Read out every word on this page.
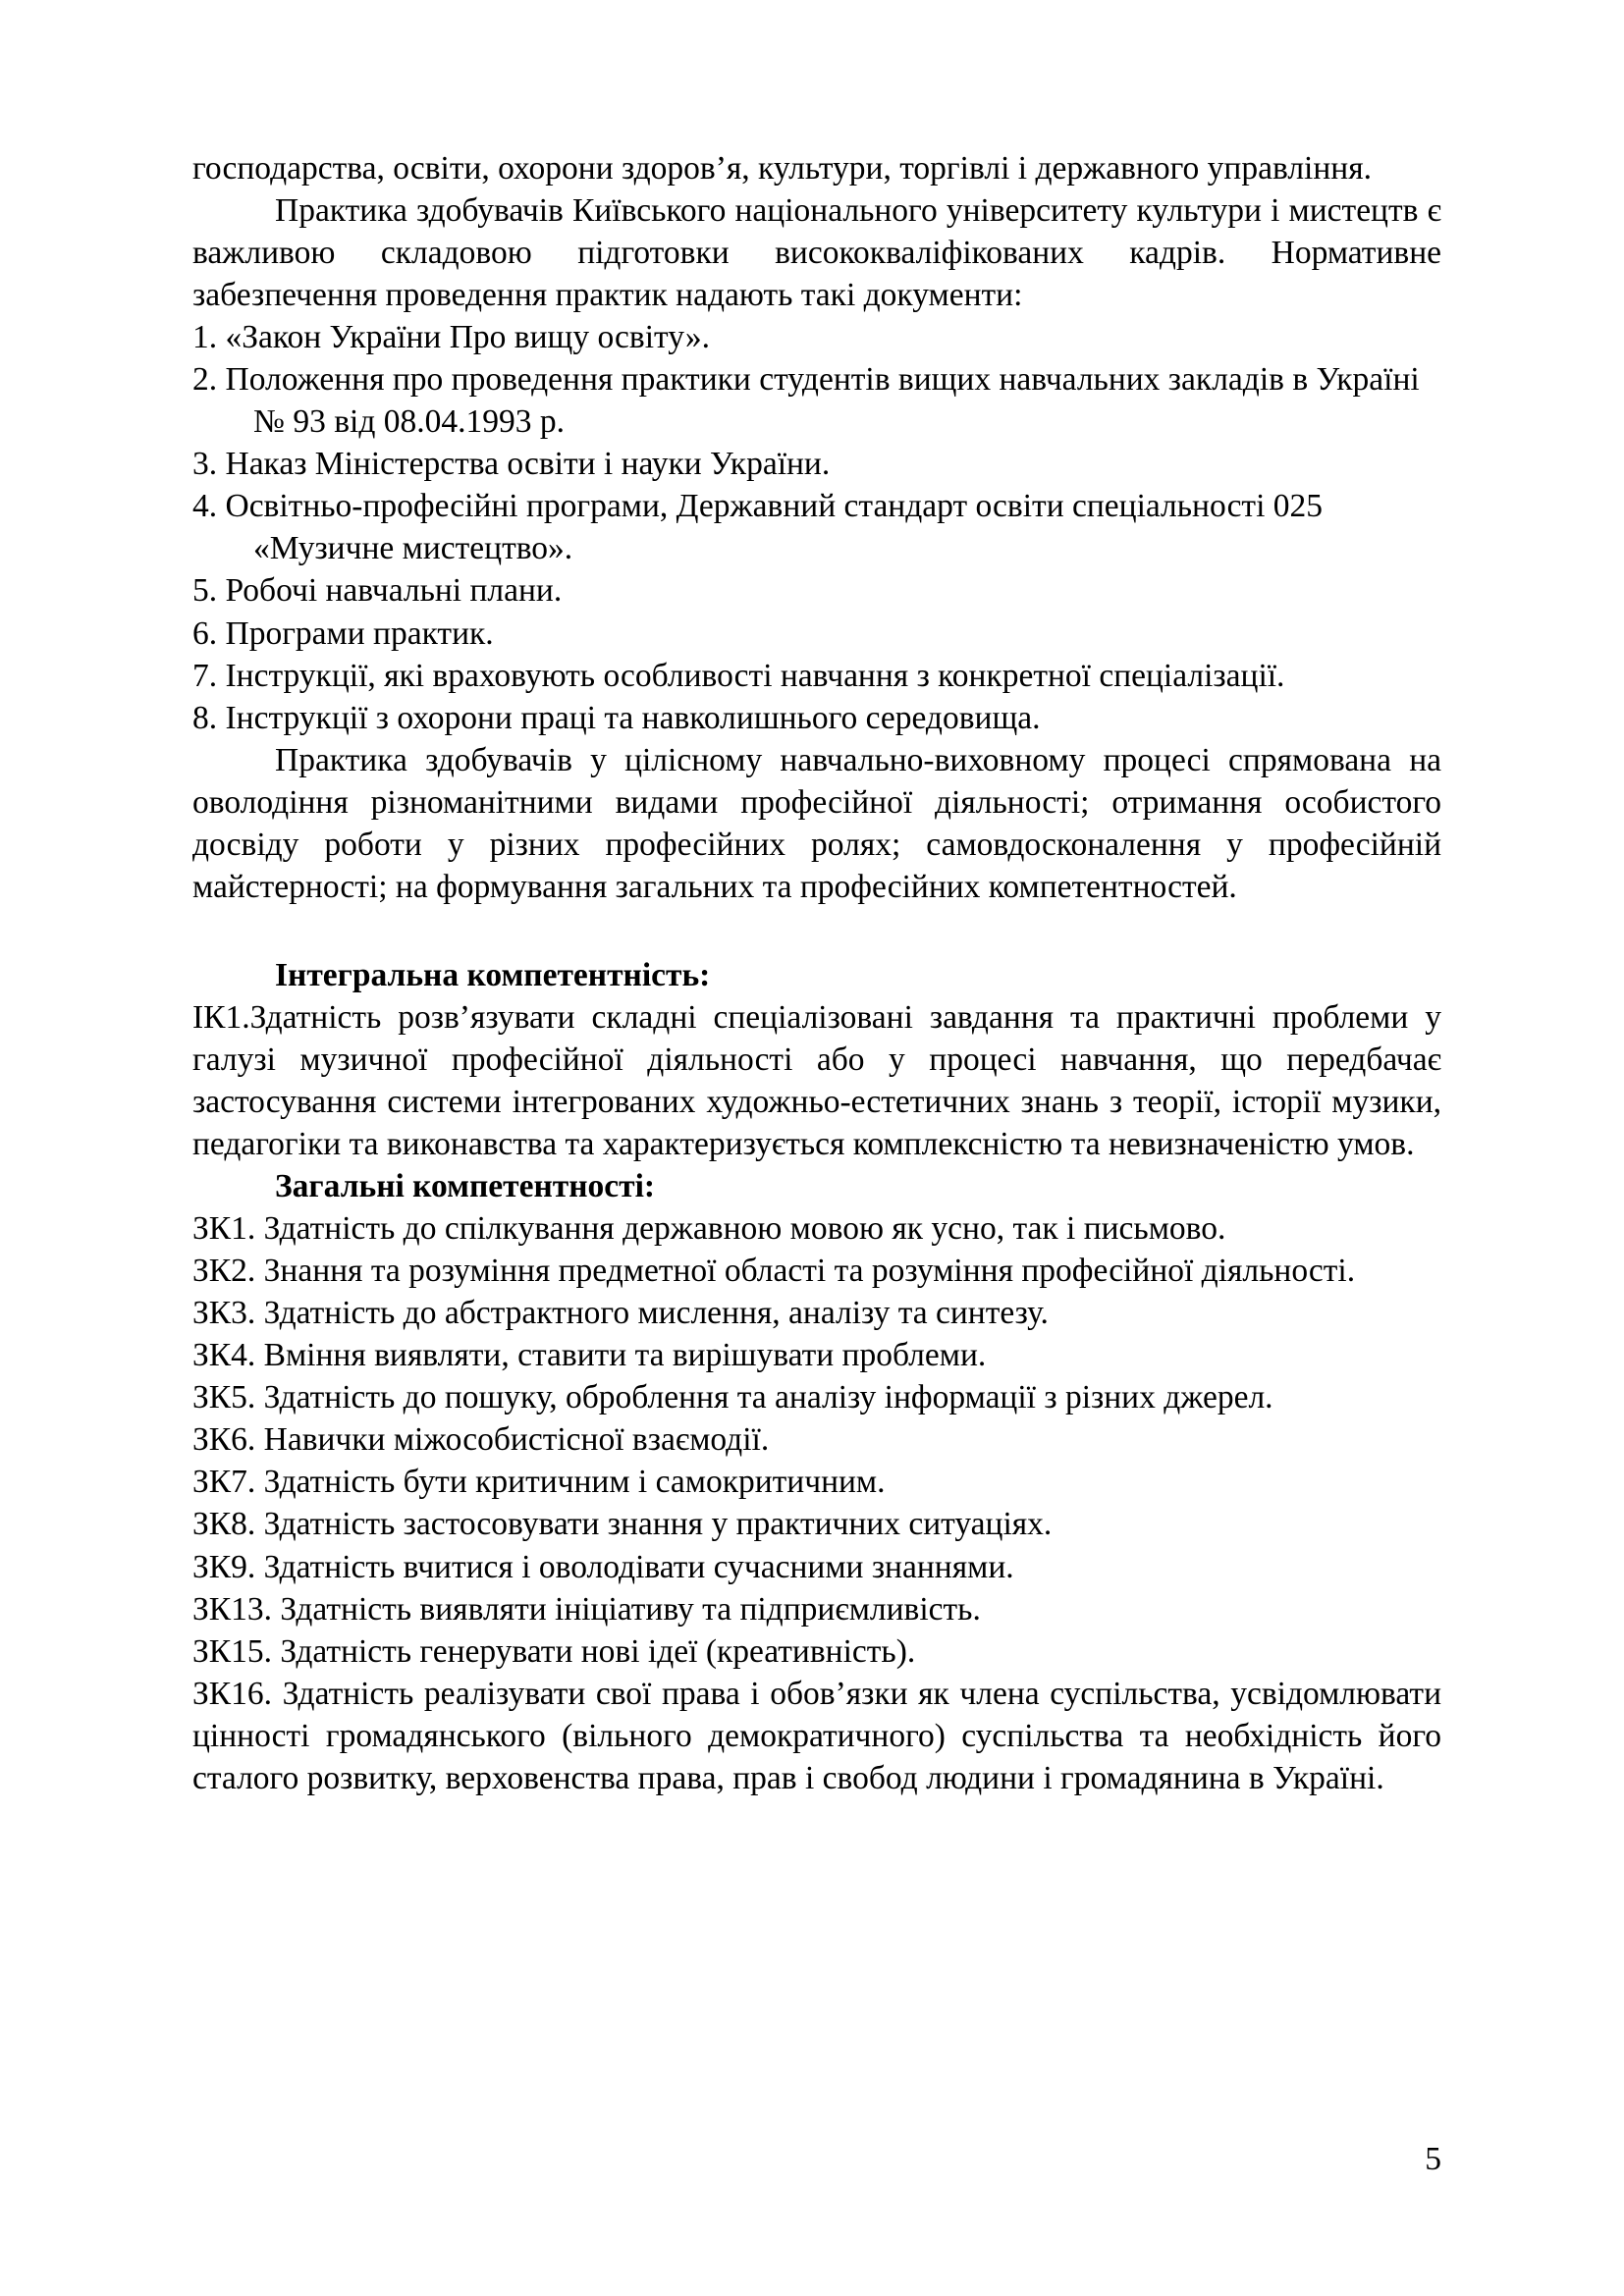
господарства, освіти, охорони здоров’я, культури, торгівлі і державного управління.

Практика здобувачів Київського національного університету культури і мистецтв є важливою складовою підготовки висококваліфікованих кадрів. Нормативне забезпечення проведення практик надають такі документи:

1. «Закон України Про вищу освіту».

2. Положення про проведення практики студентів вищих навчальних закладів в Україні № 93 від 08.04.1993 р.

3. Наказ Міністерства освіти і науки України.

4. Освітньо-професійні програми, Державний стандарт освіти спеціальності 025 «Музичне мистецтво».

5. Робочі навчальні плани.

6. Програми практик.

7. Інструкції, які враховують особливості навчання з конкретної спеціалізації.

8. Інструкції з охорони праці та навколишнього середовища.

Практика здобувачів у цілісному навчально-виховному процесі спрямована на оволодіння різноманітними видами професійної діяльності; отримання особистого досвіду роботи у різних професійних ролях; самовдосконалення у професійній майстерності; на формування загальних та професійних компетентностей.

Інтегральна компетентність:

ІК1.Здатність розв’язувати складні спеціалізовані завдання та практичні проблеми у галузі музичної професійної діяльності або у процесі навчання, що передбачає застосування системи інтегрованих художньо-естетичних знань з теорії, історії музики, педагогіки та виконавства та характеризується комплексністю та невизначеністю умов.

Загальні компетентності:

ЗК1. Здатність до спілкування державною мовою як усно, так і письмово.

ЗК2. Знання та розуміння предметної області та розуміння професійної діяльності.

ЗК3. Здатність до абстрактного мислення, аналізу та синтезу.

ЗК4. Вміння виявляти, ставити та вирішувати проблеми.

ЗК5. Здатність до пошуку, оброблення та аналізу інформації з різних джерел.

ЗК6. Навички міжособистісної взаємодії.

ЗК7. Здатність бути критичним і самокритичним.

ЗК8. Здатність застосовувати знання у практичних ситуаціях.

ЗК9. Здатність вчитися і оволодівати сучасними знаннями.

ЗК13. Здатність виявляти ініціативу та підприємливість.

ЗК15. Здатність генерувати нові ідеї (креативність).

ЗК16. Здатність реалізувати свої права і обов’язки як члена суспільства, усвідомлювати цінності громадянського (вільного демократичного) суспільства та необхідність його сталого розвитку, верховенства права, прав і свобод людини і громадянина в Україні.

5
